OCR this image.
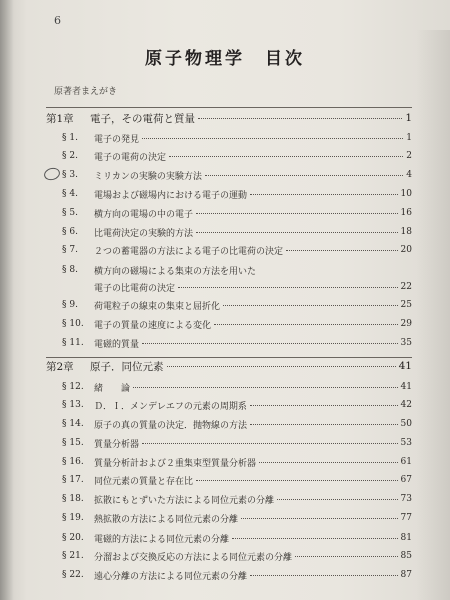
6
原子物理学　目次
原著者まえがき
第1章	電子，その電荷と質量	1
§ 1.	電子の発見	1
§ 2.	電子の電荷の決定	2
§ 3.	ミリカンの実験の実験方法	4
§ 4.	電場および磁場内における電子の運動	10
§ 5.	横方向の電場の中の電子	16
§ 6.	比電荷決定の実験的方法	18
§ 7.	２つの蓄電器の方法による電子の比電荷の決定	20
§ 8.	横方向の磁場による集束の方法を用いた
電子の比電荷の決定	22
§ 9.	荷電粒子の線束の集束と屈折化	25
§ 10.	電子の質量の速度による変化	29
§ 11.	電磁的質量	35
第2章	原子．同位元素	41
§ 12.	緒　　論	41
§ 13.	Ｄ．Ｉ．メンデレエフの元素の周期系	42
§ 14.	原子の真の質量の決定．抛物線の方法	50
§ 15.	質量分析器	53
§ 16.	質量分析計および２重集束型質量分析器	61
§ 17.	同位元素の質量と存在比	67
§ 18.	拡散にもとずいた方法による同位元素の分離	73
§ 19.	熱拡散の方法による同位元素の分離	77
§ 20.	電磁的方法による同位元素の分離	81
§ 21.	分溜および交換反応の方法による同位元素の分離	85
§ 22.	遠心分離の方法による同位元素の分離	87
